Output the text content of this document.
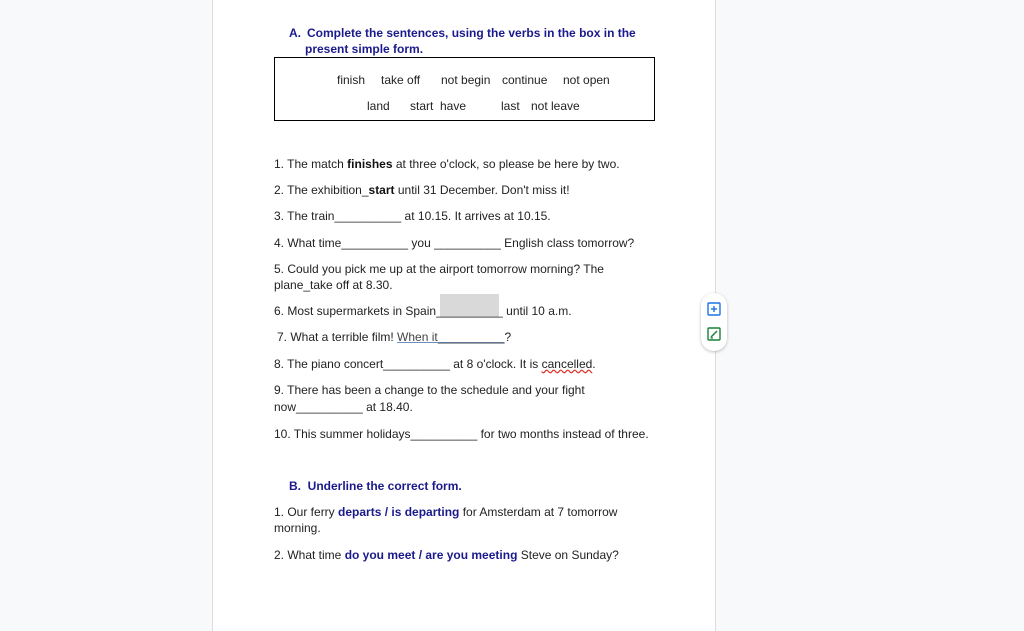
A. Complete the sentences, using the verbs in the box in the
present simple form.
finish take off not begin continue not open
land start have	last not leave
1. The match finishes at three o'clock, so please be here by two.
2. The exhibition_start until 31 December. Don't miss it!
3. The train__________ at 10.15. It arrives at 10.15.
4. What time__________ you __________ English class tomorrow?
5. Could you pick me up at the airport tomorrow morning? The
plane_take off at 8.30.
6. Most supermarkets in Spain__________ until 10 a.m.
7. What a terrible film! When it__________?
8. The piano concert__________ at 8 o'clock. It is cancelled.
9. There has been a change to the schedule and your fight
now__________ at 18.40.
10. This summer holidays__________ for two months instead of three.
B. Underline the correct form.
1. Our ferry departs / is departing for Amsterdam at 7 tomorrow
morning.
2. What time do you meet / are you meeting Steve on Sunday?
